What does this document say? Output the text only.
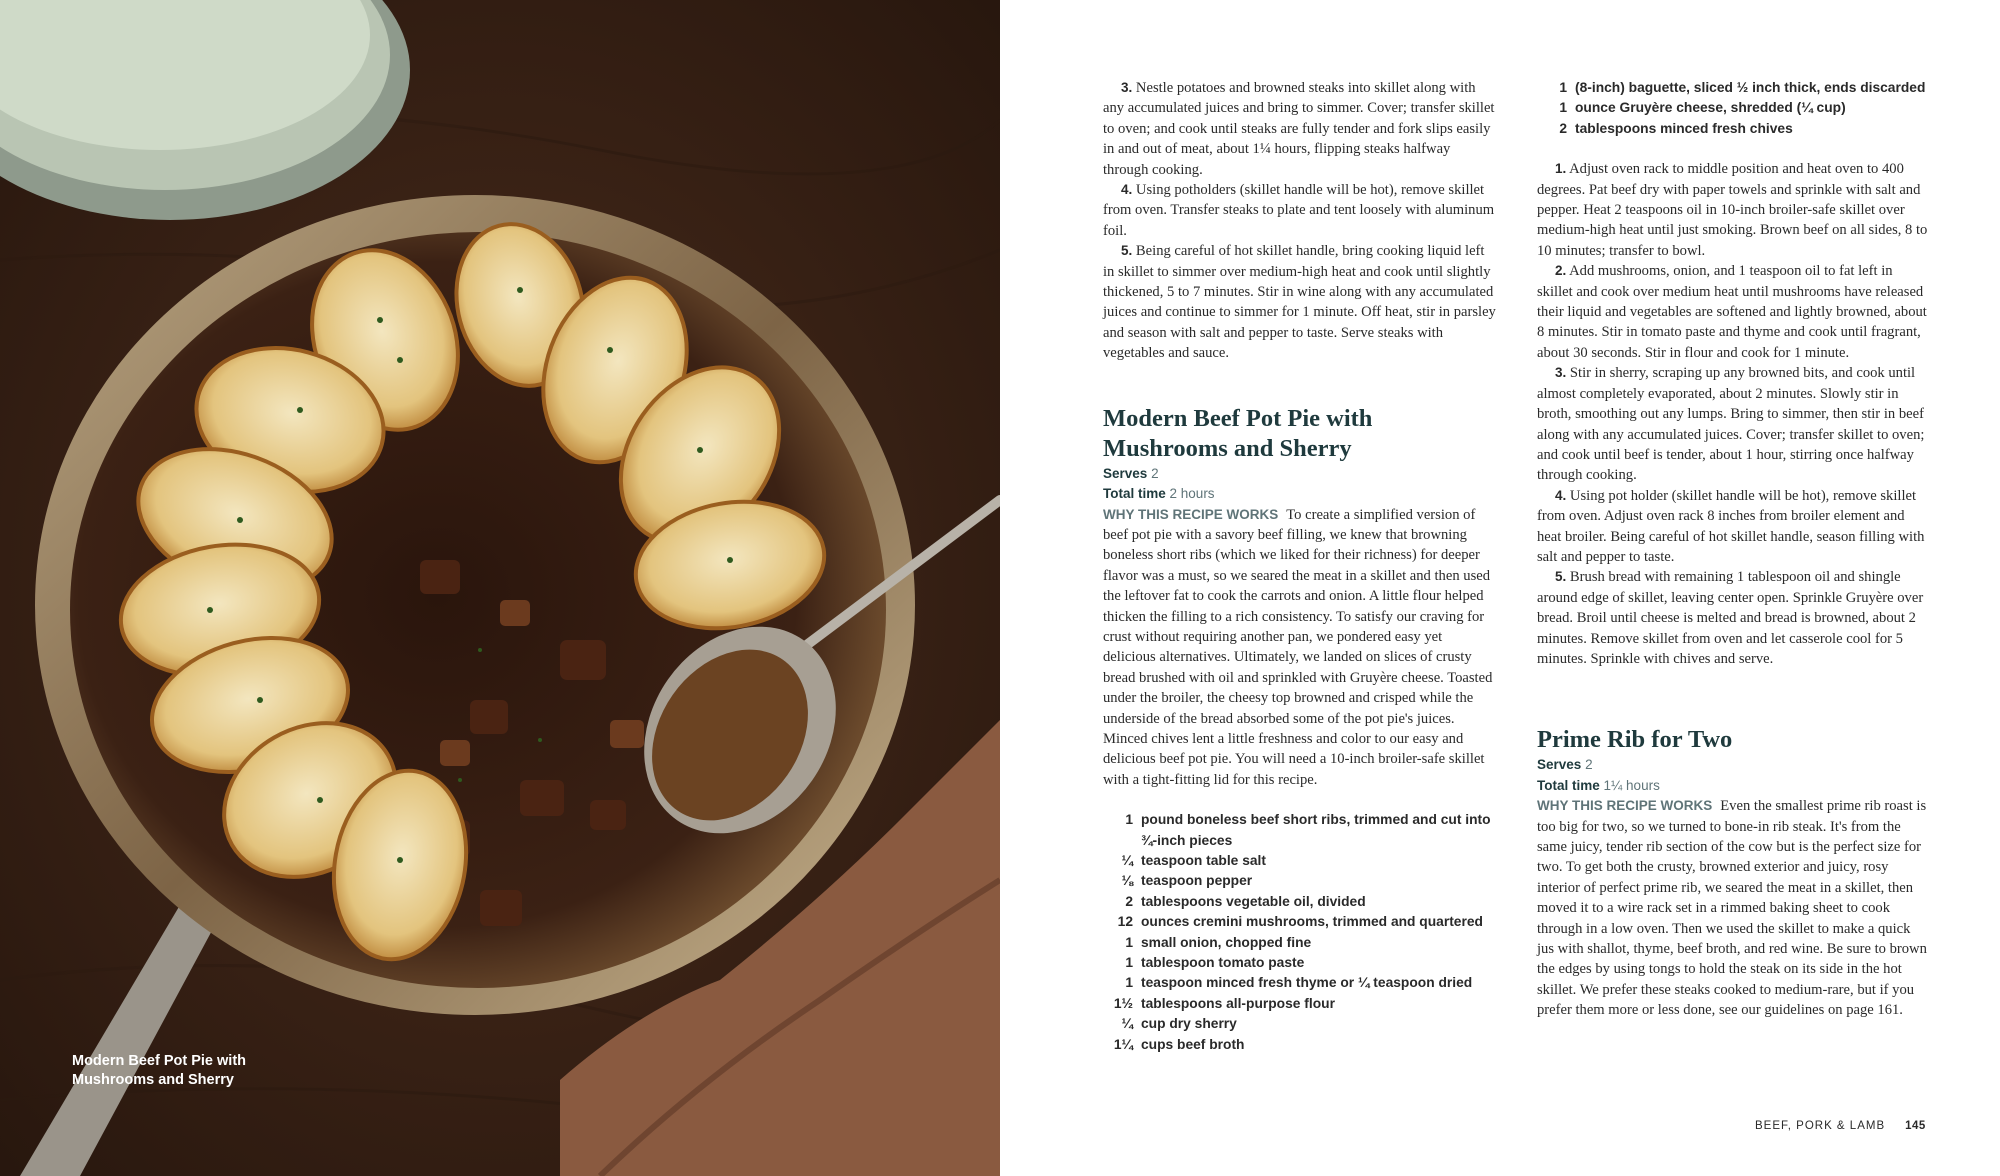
Modern Beef Pot Pie with
Mushrooms and Sherry

3. Nestle potatoes and browned steaks into skillet along with any accumulated juices and bring to simmer. Cover; transfer skillet to oven; and cook until steaks are fully tender and fork slips easily in and out of meat, about 1¼ hours, flipping steaks halfway through cooking.

4. Using potholders (skillet handle will be hot), remove skillet from oven. Transfer steaks to plate and tent loosely with aluminum foil.

5. Being careful of hot skillet handle, bring cooking liquid left in skillet to simmer over medium-high heat and cook until slightly thickened, 5 to 7 minutes. Stir in wine along with any accumulated juices and continue to simmer for 1 minute. Off heat, stir in parsley and season with salt and pepper to taste. Serve steaks with vegetables and sauce.

Modern Beef Pot Pie with
Mushrooms and Sherry
Serves 2
Total time 2 hours

WHY THIS RECIPE WORKS To create a simplified version of beef pot pie with a savory beef filling, we knew that browning boneless short ribs (which we liked for their richness) for deeper flavor was a must, so we seared the meat in a skillet and then used the leftover fat to cook the carrots and onion. A little flour helped thicken the filling to a rich consistency. To satisfy our craving for crust without requiring another pan, we pondered easy yet delicious alternatives. Ultimately, we landed on slices of crusty bread brushed with oil and sprinkled with Gruyère cheese. Toasted under the broiler, the cheesy top browned and crisped while the underside of the bread absorbed some of the pot pie's juices. Minced chives lent a little freshness and color to our easy and delicious beef pot pie. You will need a 10-inch broiler-safe skillet with a tight-fitting lid for this recipe.

1 pound boneless beef short ribs, trimmed and cut into ¾-inch pieces
¼ teaspoon table salt
⅛ teaspoon pepper
2 tablespoons vegetable oil, divided
12 ounces cremini mushrooms, trimmed and quartered
1 small onion, chopped fine
1 tablespoon tomato paste
1 teaspoon minced fresh thyme or ¼ teaspoon dried
1½ tablespoons all-purpose flour
¼ cup dry sherry
1¼ cups beef broth
1 (8-inch) baguette, sliced ½ inch thick, ends discarded
1 ounce Gruyère cheese, shredded (¼ cup)
2 tablespoons minced fresh chives

1. Adjust oven rack to middle position and heat oven to 400 degrees. Pat beef dry with paper towels and sprinkle with salt and pepper. Heat 2 teaspoons oil in 10-inch broiler-safe skillet over medium-high heat until just smoking. Brown beef on all sides, 8 to 10 minutes; transfer to bowl.

2. Add mushrooms, onion, and 1 teaspoon oil to fat left in skillet and cook over medium heat until mushrooms have released their liquid and vegetables are softened and lightly browned, about 8 minutes. Stir in tomato paste and thyme and cook until fragrant, about 30 seconds. Stir in flour and cook for 1 minute.

3. Stir in sherry, scraping up any browned bits, and cook until almost completely evaporated, about 2 minutes. Slowly stir in broth, smoothing out any lumps. Bring to simmer, then stir in beef along with any accumulated juices. Cover; transfer skillet to oven; and cook until beef is tender, about 1 hour, stirring once halfway through cooking.

4. Using pot holder (skillet handle will be hot), remove skillet from oven. Adjust oven rack 8 inches from broiler element and heat broiler. Being careful of hot skillet handle, season filling with salt and pepper to taste.

5. Brush bread with remaining 1 tablespoon oil and shingle around edge of skillet, leaving center open. Sprinkle Gruyère over bread. Broil until cheese is melted and bread is browned, about 2 minutes. Remove skillet from oven and let casserole cool for 5 minutes. Sprinkle with chives and serve.

Prime Rib for Two
Serves 2
Total time 1¼ hours

WHY THIS RECIPE WORKS Even the smallest prime rib roast is too big for two, so we turned to bone-in rib steak. It's from the same juicy, tender rib section of the cow but is the perfect size for two. To get both the crusty, browned exterior and juicy, rosy interior of perfect prime rib, we seared the meat in a skillet, then moved it to a wire rack set in a rimmed baking sheet to cook through in a low oven. Then we used the skillet to make a quick jus with shallot, thyme, beef broth, and red wine. Be sure to brown the edges by using tongs to hold the steak on its side in the hot skillet. We prefer these steaks cooked to medium-rare, but if you prefer them more or less done, see our guidelines on page 161.

BEEF, PORK & LAMB 145
